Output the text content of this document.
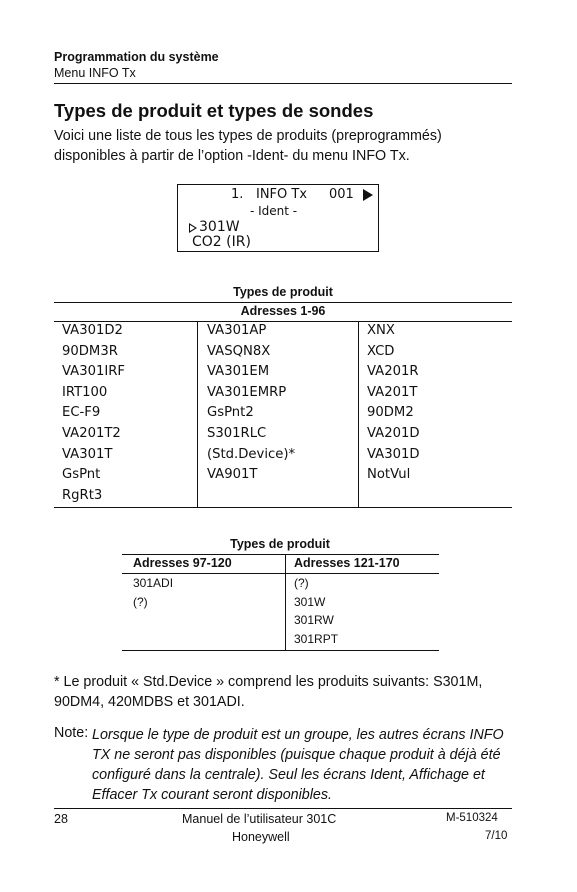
Programmation du système
Menu INFO Tx
Types de produit et types de sondes
Voici une liste de tous les types de produits (preprogrammés) disponibles à partir de l’option -Ident- du menu INFO Tx.
1. INFO Tx 001
- Ident -
301W
CO2 (IR)
Types de produit
Adresses 1-96
VA301D2
90DM3R
VA301IRF
IRT100
EC-F9
VA201T2
VA301T
GsPnt
RgRt3
VA301AP
VASQN8X
VA301EM
VA301EMRP
GsPnt2
S301RLC
(Std.Device)*
VA901T
XNX
XCD
VA201R
VA201T
90DM2
VA201D
VA301D
NotVul
Types de produit
Adresses 97-120	Adresses 121-170
301ADI
(?)
(?)
301W
301RW
301RPT
* Le produit « Std.Device » comprend les produits suivants: S301M, 90DM4, 420MDBS et 301ADI.
Note: Lorsque le type de produit est un groupe, les autres écrans INFO TX ne seront pas disponibles (puisque chaque produit à déjà été configuré dans la centrale). Seul les écrans Ident, Affichage et Effacer Tx courant seront disponibles.
28	Manuel de l’utilisateur 301C
Honeywell
M-510324
7/10
